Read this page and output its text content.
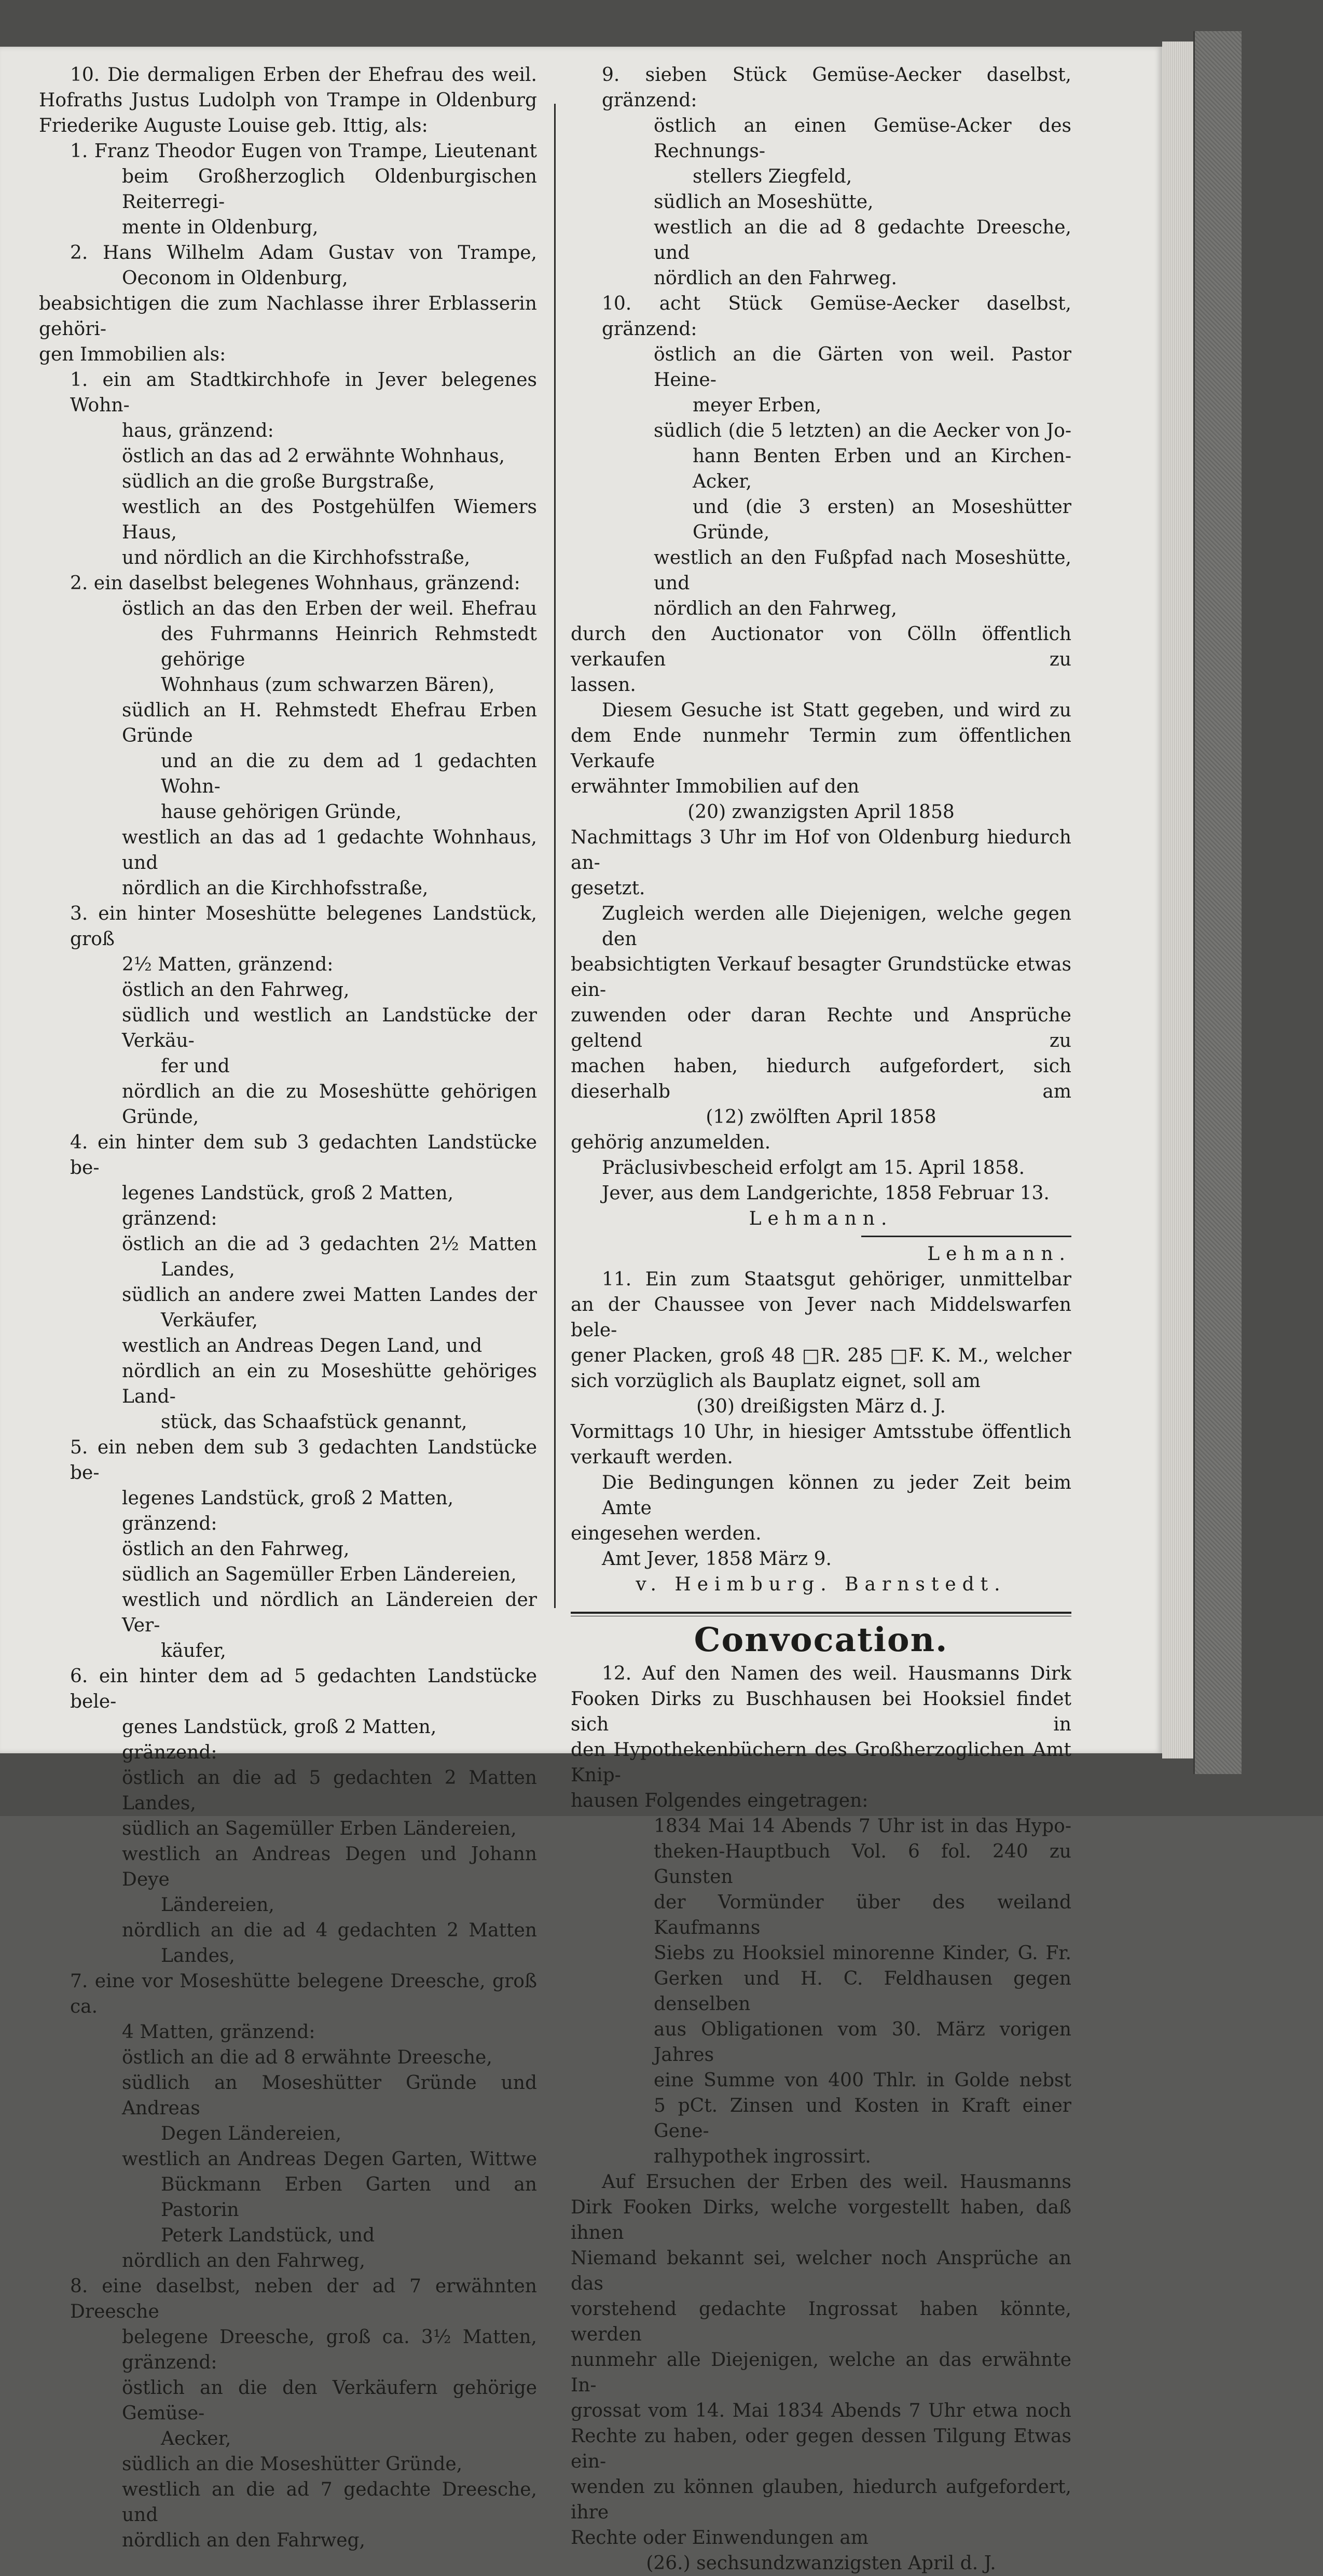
10. Die dermaligen Erben der Ehefrau des weil.

Hofraths Justus Ludolph von Trampe in Oldenburg

Friederike Auguste Louise geb. Ittig, als:

1. Franz Theodor Eugen von Trampe, Lieutenant

beim Großherzoglich Oldenburgischen Reiterregi-

mente in Oldenburg,

2. Hans Wilhelm Adam Gustav von Trampe,

Oeconom in Oldenburg,

beabsichtigen die zum Nachlasse ihrer Erblasserin gehöri-

gen Immobilien als:

1. ein am Stadtkirchhofe in Jever belegenes Wohn-

haus, gränzend:

östlich an das ad 2 erwähnte Wohnhaus,

südlich an die große Burgstraße,

westlich an des Postgehülfen Wiemers Haus,

und nördlich an die Kirchhofsstraße,

2. ein daselbst belegenes Wohnhaus, gränzend:

östlich an das den Erben der weil. Ehefrau

des Fuhrmanns Heinrich Rehmstedt gehörige

Wohnhaus (zum schwarzen Bären),

südlich an H. Rehmstedt Ehefrau Erben Gründe

und an die zu dem ad 1 gedachten Wohn-

hause gehörigen Gründe,

westlich an das ad 1 gedachte Wohnhaus, und

nördlich an die Kirchhofsstraße,

3. ein hinter Moseshütte belegenes Landstück, groß

2½ Matten, gränzend:

östlich an den Fahrweg,

südlich und westlich an Landstücke der Verkäu-

fer und

nördlich an die zu Moseshütte gehörigen Gründe,

4. ein hinter dem sub 3 gedachten Landstücke be-

legenes Landstück, groß 2 Matten, gränzend:

östlich an die ad 3 gedachten 2½ Matten

Landes,

südlich an andere zwei Matten Landes der

Verkäufer,

westlich an Andreas Degen Land, und

nördlich an ein zu Moseshütte gehöriges Land-

stück, das Schaafstück genannt,

5. ein neben dem sub 3 gedachten Landstücke be-

legenes Landstück, groß 2 Matten, gränzend:

östlich an den Fahrweg,

südlich an Sagemüller Erben Ländereien,

westlich und nördlich an Ländereien der Ver-

käufer,

6. ein hinter dem ad 5 gedachten Landstücke bele-

genes Landstück, groß 2 Matten, gränzend:

östlich an die ad 5 gedachten 2 Matten Landes,

südlich an Sagemüller Erben Ländereien,

westlich an Andreas Degen und Johann Deye

Ländereien,

nördlich an die ad 4 gedachten 2 Matten

Landes,

7. eine vor Moseshütte belegene Dreesche, groß ca.

4 Matten, gränzend:

östlich an die ad 8 erwähnte Dreesche,

südlich an Moseshütter Gründe und Andreas

Degen Ländereien,

westlich an Andreas Degen Garten, Wittwe

Bückmann Erben Garten und an Pastorin

Peterk Landstück, und

nördlich an den Fahrweg,

8. eine daselbst, neben der ad 7 erwähnten Dreesche

belegene Dreesche, groß ca. 3½ Matten, gränzend:

östlich an die den Verkäufern gehörige Gemüse-

Aecker,

südlich an die Moseshütter Gründe,

westlich an die ad 7 gedachte Dreesche, und

nördlich an den Fahrweg,

9. sieben Stück Gemüse-Aecker daselbst, gränzend:

östlich an einen Gemüse-Acker des Rechnungs-

stellers Ziegfeld,

südlich an Moseshütte,

westlich an die ad 8 gedachte Dreesche, und

nördlich an den Fahrweg.

10. acht Stück Gemüse-Aecker daselbst, gränzend:

östlich an die Gärten von weil. Pastor Heine-

meyer Erben,

südlich (die 5 letzten) an die Aecker von Jo-

hann Benten Erben und an Kirchen-Acker,

und (die 3 ersten) an Moseshütter Gründe,

westlich an den Fußpfad nach Moseshütte, und

nördlich an den Fahrweg,

durch den Auctionator von Cölln öffentlich verkaufen zu

lassen.

Diesem Gesuche ist Statt gegeben, und wird zu

dem Ende nunmehr Termin zum öffentlichen Verkaufe

erwähnter Immobilien auf den

(20) zwanzigsten April 1858

Nachmittags 3 Uhr im Hof von Oldenburg hiedurch an-

gesetzt.

Zugleich werden alle Diejenigen, welche gegen den

beabsichtigten Verkauf besagter Grundstücke etwas ein-

zuwenden oder daran Rechte und Ansprüche geltend zu

machen haben, hiedurch aufgefordert, sich dieserhalb am

(12) zwölften April 1858

gehörig anzumelden.

Präclusivbescheid erfolgt am 15. April 1858.

Jever, aus dem Landgerichte, 1858 Februar 13.

Lehmann.

Lehmann.

11. Ein zum Staatsgut gehöriger, unmittelbar

an der Chaussee von Jever nach Middelswarfen bele-

gener Placken, groß 48 □R. 285 □F. K. M., welcher

sich vorzüglich als Bauplatz eignet, soll am

(30) dreißigsten März d. J.

Vormittags 10 Uhr, in hiesiger Amtsstube öffentlich

verkauft werden.

Die Bedingungen können zu jeder Zeit beim Amte

eingesehen werden.

Amt Jever, 1858 März 9.

v. Heimburg. Barnstedt.

Convocation.

12. Auf den Namen des weil. Hausmanns Dirk

Fooken Dirks zu Buschhausen bei Hooksiel findet sich in

den Hypothekenbüchern des Großherzoglichen Amt Knip-

hausen Folgendes eingetragen:

1834 Mai 14 Abends 7 Uhr ist in das Hypo-

theken-Hauptbuch Vol. 6 fol. 240 zu Gunsten

der Vormünder über des weiland Kaufmanns

Siebs zu Hooksiel minorenne Kinder, G. Fr.

Gerken und H. C. Feldhausen gegen denselben

aus Obligationen vom 30. März vorigen Jahres

eine Summe von 400 Thlr. in Golde nebst

5 pCt. Zinsen und Kosten in Kraft einer Gene-

ralhypothek ingrossirt.

Auf Ersuchen der Erben des weil. Hausmanns

Dirk Fooken Dirks, welche vorgestellt haben, daß ihnen

Niemand bekannt sei, welcher noch Ansprüche an das

vorstehend gedachte Ingrossat haben könnte, werden

nunmehr alle Diejenigen, welche an das erwähnte In-

grossat vom 14. Mai 1834 Abends 7 Uhr etwa noch

Rechte zu haben, oder gegen dessen Tilgung Etwas ein-

wenden zu können glauben, hiedurch aufgefordert, ihre

Rechte oder Einwendungen am

(26.) sechsundzwanzigsten April d. J.
